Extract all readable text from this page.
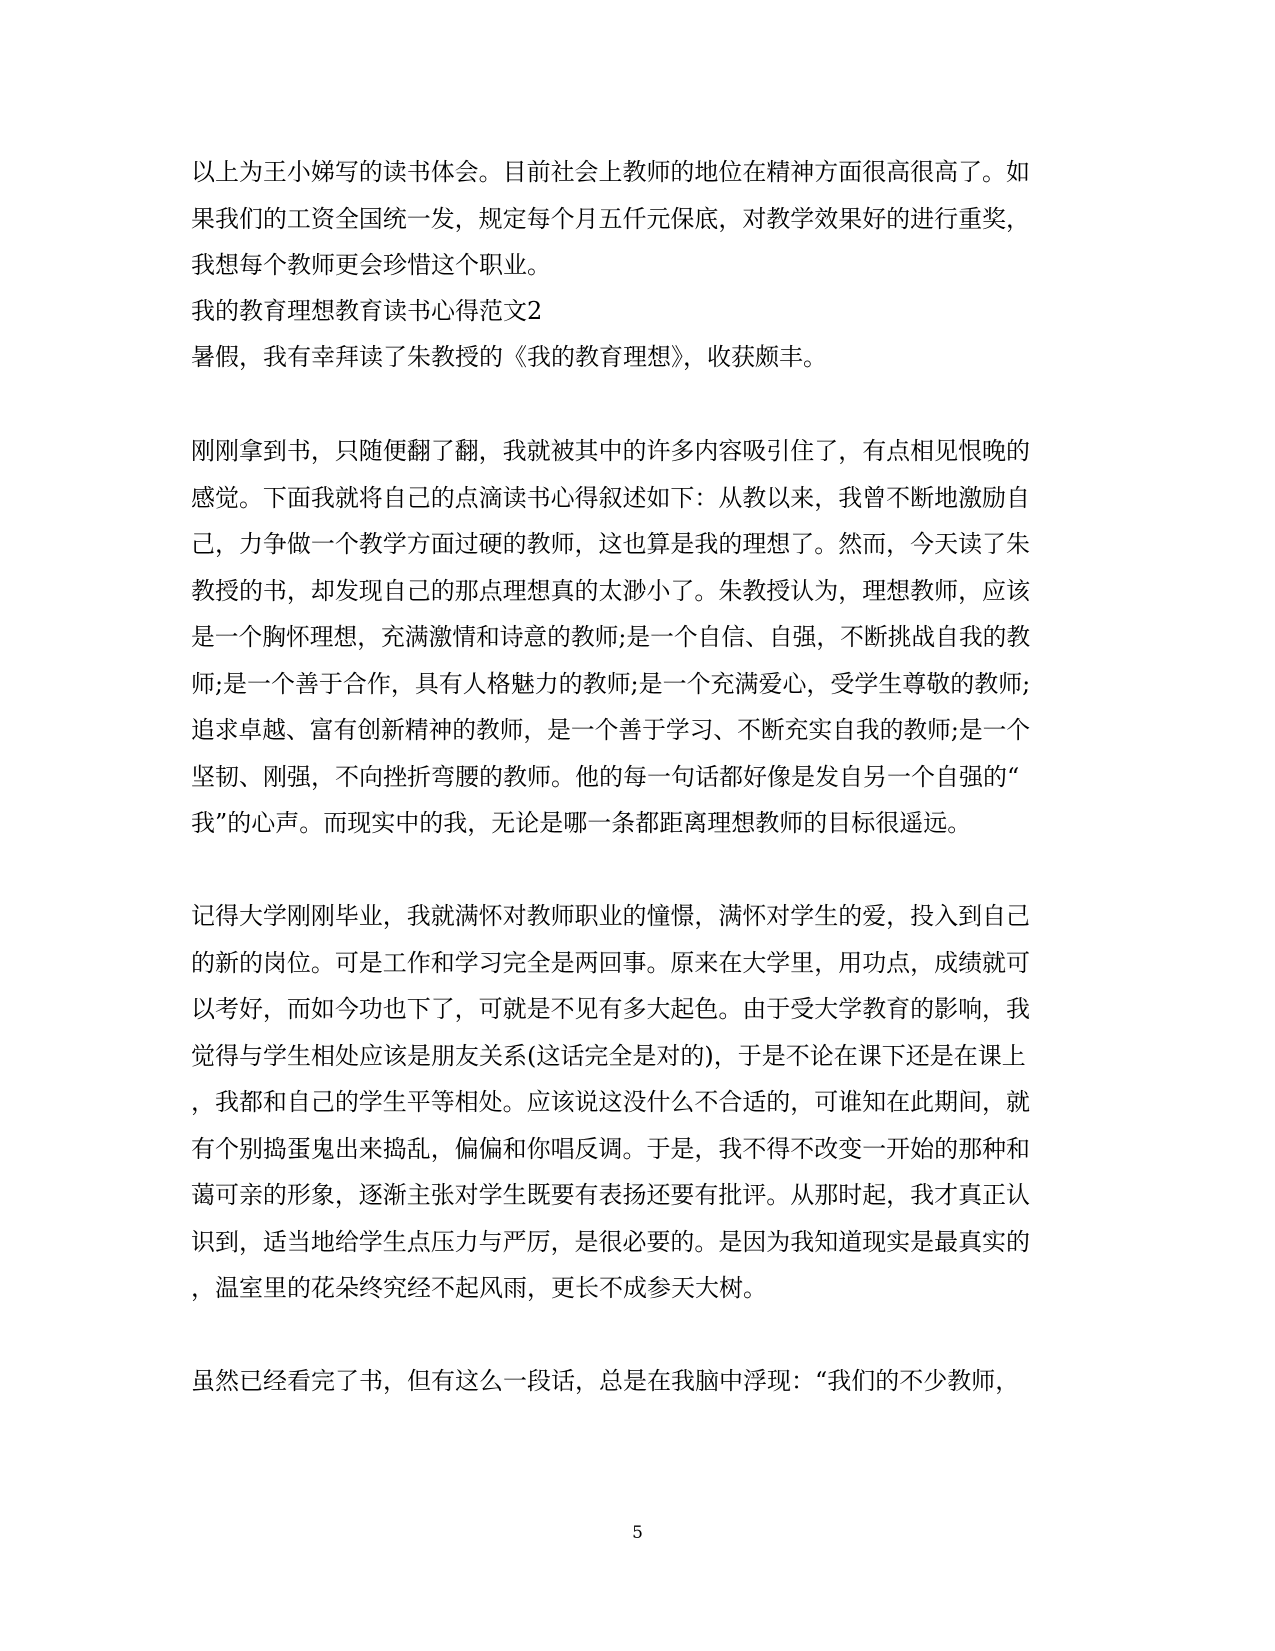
以上为王小娣写的读书体会。目前社会上教师的地位在精神方面很高很高了。如
果我们的工资全国统一发，规定每个月五仟元保底，对教学效果好的进行重奖，
我想每个教师更会珍惜这个职业。
我的教育理想教育读书心得范文2
暑假，我有幸拜读了朱教授的《我的教育理想》，收获颇丰。
刚刚拿到书，只随便翻了翻，我就被其中的许多内容吸引住了，有点相见恨晚的
感觉。下面我就将自己的点滴读书心得叙述如下：从教以来，我曾不断地激励自
己，力争做一个教学方面过硬的教师，这也算是我的理想了。然而，今天读了朱
教授的书，却发现自己的那点理想真的太渺小了。朱教授认为，理想教师，应该
是一个胸怀理想，充满激情和诗意的教师;是一个自信、自强，不断挑战自我的教
师;是一个善于合作，具有人格魅力的教师;是一个充满爱心，受学生尊敬的教师;
追求卓越、富有创新精神的教师，是一个善于学习、不断充实自我的教师;是一个
坚韧、刚强，不向挫折弯腰的教师。他的每一句话都好像是发自另一个自强的“
我”的心声。而现实中的我，无论是哪一条都距离理想教师的目标很遥远。
记得大学刚刚毕业，我就满怀对教师职业的憧憬，满怀对学生的爱，投入到自己
的新的岗位。可是工作和学习完全是两回事。原来在大学里，用功点，成绩就可
以考好，而如今功也下了，可就是不见有多大起色。由于受大学教育的影响，我
觉得与学生相处应该是朋友关系(这话完全是对的)，于是不论在课下还是在课上
，我都和自己的学生平等相处。应该说这没什么不合适的，可谁知在此期间，就
有个别捣蛋鬼出来捣乱，偏偏和你唱反调。于是，我不得不改变一开始的那种和
蔼可亲的形象，逐渐主张对学生既要有表扬还要有批评。从那时起，我才真正认
识到，适当地给学生点压力与严厉，是很必要的。是因为我知道现实是最真实的
，温室里的花朵终究经不起风雨，更长不成参天大树。
虽然已经看完了书，但有这么一段话，总是在我脑中浮现：“我们的不少教师，
5
